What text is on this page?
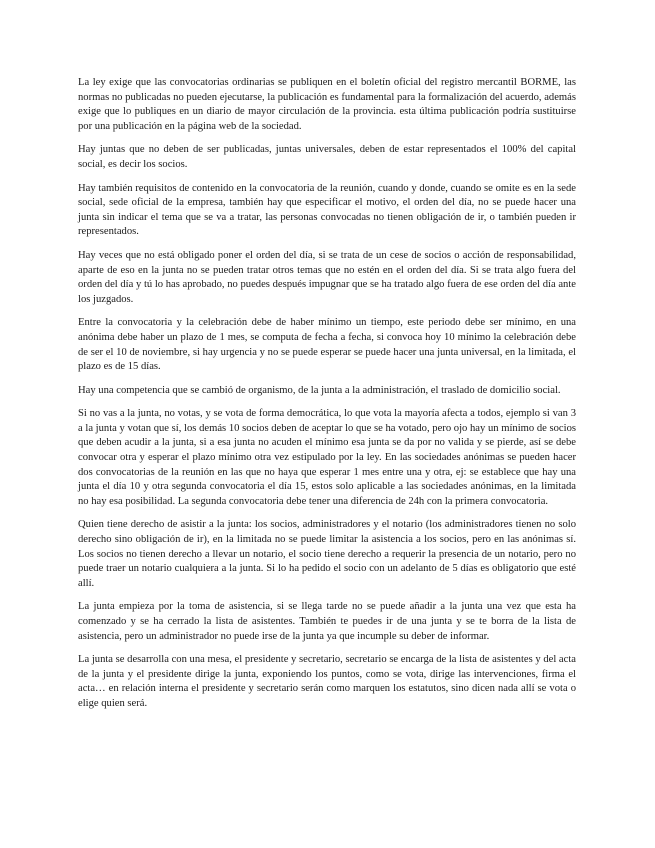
La ley exige que las convocatorias ordinarias se publiquen en el boletín oficial del registro mercantil BORME, las normas no publicadas no pueden ejecutarse, la publicación es fundamental para la formalización del acuerdo, además exige que lo publiques en un diario de mayor circulación de la provincia. esta última publicación podría sustituirse por una publicación en la página web de la sociedad.

Hay juntas que no deben de ser publicadas, juntas universales, deben de estar representados el 100% del capital social, es decir los socios.

Hay también requisitos de contenido en la convocatoria de la reunión, cuando y donde, cuando se omite es en la sede social, sede oficial de la empresa, también hay que especificar el motivo, el orden del día, no se puede hacer una junta sin indicar el tema que se va a tratar, las personas convocadas no tienen obligación de ir, o también pueden ir representados.

Hay veces que no está obligado poner el orden del día, si se trata de un cese de socios o acción de responsabilidad, aparte de eso en la junta no se pueden tratar otros temas que no estén en el orden del día. Si se trata algo fuera del orden del día y tú lo has aprobado, no puedes después impugnar que se ha tratado algo fuera de ese orden del día ante los juzgados.

Entre la convocatoria y la celebración debe de haber mínimo un tiempo, este periodo debe ser mínimo, en una anónima debe haber un plazo de 1 mes, se computa de fecha a fecha, si convoca hoy 10 mínimo la celebración debe de ser el 10 de noviembre, si hay urgencia y no se puede esperar se puede hacer una junta universal, en la limitada, el plazo es de 15 días.

Hay una competencia que se cambió de organismo, de la junta a la administración, el traslado de domicilio social.

Si no vas a la junta, no votas, y se vota de forma democrática, lo que vota la mayoría afecta a todos, ejemplo si van 3 a la junta y votan que sí, los demás 10 socios deben de aceptar lo que se ha votado, pero ojo hay un mínimo de socios que deben acudir a la junta, si a esa junta no acuden el mínimo esa junta se da por no valida y se pierde, así se debe convocar otra y esperar el plazo mínimo otra vez estipulado por la ley. En las sociedades anónimas se pueden hacer dos convocatorias de la reunión en las que no haya que esperar 1 mes entre una y otra, ej: se establece que hay una junta el día 10 y otra segunda convocatoria el día 15, estos solo aplicable a las sociedades anónimas, en la limitada no hay esa posibilidad. La segunda convocatoria debe tener una diferencia de 24h con la primera convocatoria.

Quien tiene derecho de asistir a la junta: los socios, administradores y el notario (los administradores tienen no solo derecho sino obligación de ir), en la limitada no se puede limitar la asistencia a los socios, pero en las anónimas sí. Los socios no tienen derecho a llevar un notario, el socio tiene derecho a requerir la presencia de un notario, pero no puede traer un notario cualquiera a la junta. Si lo ha pedido el socio con un adelanto de 5 días es obligatorio que esté allí.

La junta empieza por la toma de asistencia, si se llega tarde no se puede añadir a la junta una vez que esta ha comenzado y se ha cerrado la lista de asistentes. También te puedes ir de una junta y se te borra de la lista de asistencia, pero un administrador no puede irse de la junta ya que incumple su deber de informar.

La junta se desarrolla con una mesa, el presidente y secretario, secretario se encarga de la lista de asistentes y del acta de la junta y el presidente dirige la junta, exponiendo los puntos, como se vota, dirige las intervenciones, firma el acta… en relación interna el presidente y secretario serán como marquen los estatutos, sino dicen nada allí se vota o elige quien será.
